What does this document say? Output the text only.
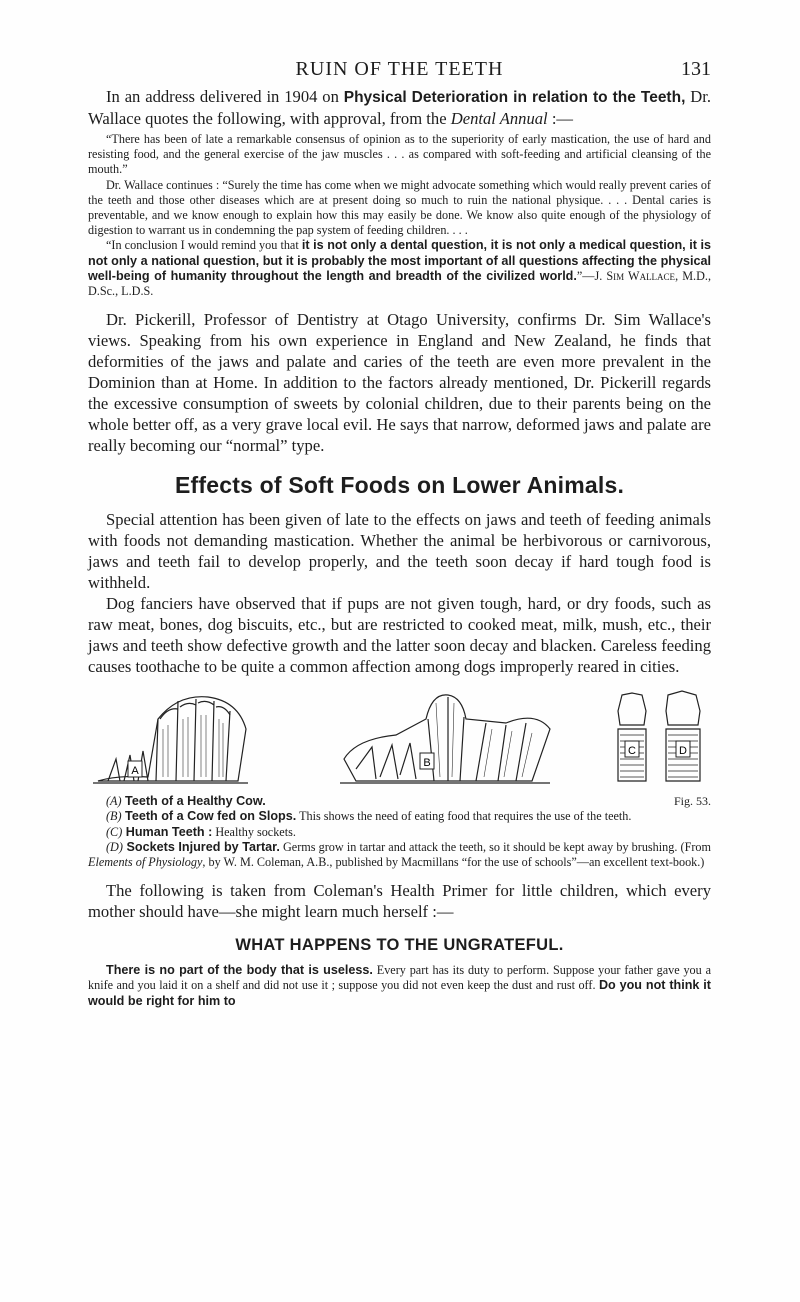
RUIN OF THE TEETH	131

In an address delivered in 1904 on Physical Deterioration in relation to the Teeth, Dr. Wallace quotes the following, with approval, from the Dental Annual :—

“There has been of late a remarkable consensus of opinion as to the superiority of early mastication, the use of hard and resisting food, and the general exercise of the jaw muscles . . . as compared with soft-feeding and artificial cleansing of the mouth.”

Dr. Wallace continues : “Surely the time has come when we might advocate something which would really prevent caries of the teeth and those other diseases which are at present doing so much to ruin the national physique. . . . Dental caries is preventable, and we know enough to explain how this may easily be done. We know also quite enough of the physiology of digestion to warrant us in condemning the pap system of feeding children. . . .

“In conclusion I would remind you that it is not only a dental question, it is not only a medical question, it is not only a national question, but it is probably the most important of all questions affecting the physical well-being of humanity throughout the length and breadth of the civilized world.”—J. Sim Wallace, M.D., D.Sc., L.D.S.

Dr. Pickerill, Professor of Dentistry at Otago University, confirms Dr. Sim Wallace's views. Speaking from his own experience in England and New Zealand, he finds that deformities of the jaws and palate and caries of the teeth are even more prevalent in the Dominion than at Home. In addition to the factors already mentioned, Dr. Pickerill regards the excessive consumption of sweets by colonial children, due to their parents being on the whole better off, as a very grave local evil. He says that narrow, deformed jaws and palate are really becoming our “normal” type.

Effects of Soft Foods on Lower Animals.

Special attention has been given of late to the effects on jaws and teeth of feeding animals with foods not demanding mastication. Whether the animal be herbivorous or carnivorous, jaws and teeth fail to develop properly, and the teeth soon decay if hard tough food is withheld.

Dog fanciers have observed that if pups are not given tough, hard, or dry foods, such as raw meat, bones, dog biscuits, etc., but are restricted to cooked meat, milk, mush, etc., their jaws and teeth show defective growth and the latter soon decay and blacken. Careless feeding causes toothache to be quite a common affection among dogs improperly reared in cities.

A
B
C	D
Fig. 53.

(A) Teeth of a Healthy Cow.

(B) Teeth of a Cow fed on Slops. This shows the need of eating food that requires the use of the teeth.

(C) Human Teeth : Healthy sockets.

(D) Sockets Injured by Tartar. Germs grow in tartar and attack the teeth, so it should be kept away by brushing. (From Elements of Physiology, by W. M. Coleman, A.B., published by Macmillans “for the use of schools”—an excellent text-book.)

The following is taken from Coleman's Health Primer for little children, which every mother should have—she might learn much herself :—

WHAT HAPPENS TO THE UNGRATEFUL.

There is no part of the body that is useless. Every part has its duty to perform. Suppose your father gave you a knife and you laid it on a shelf and did not use it ; suppose you did not even keep the dust and rust off. Do you not think it would be right for him to
